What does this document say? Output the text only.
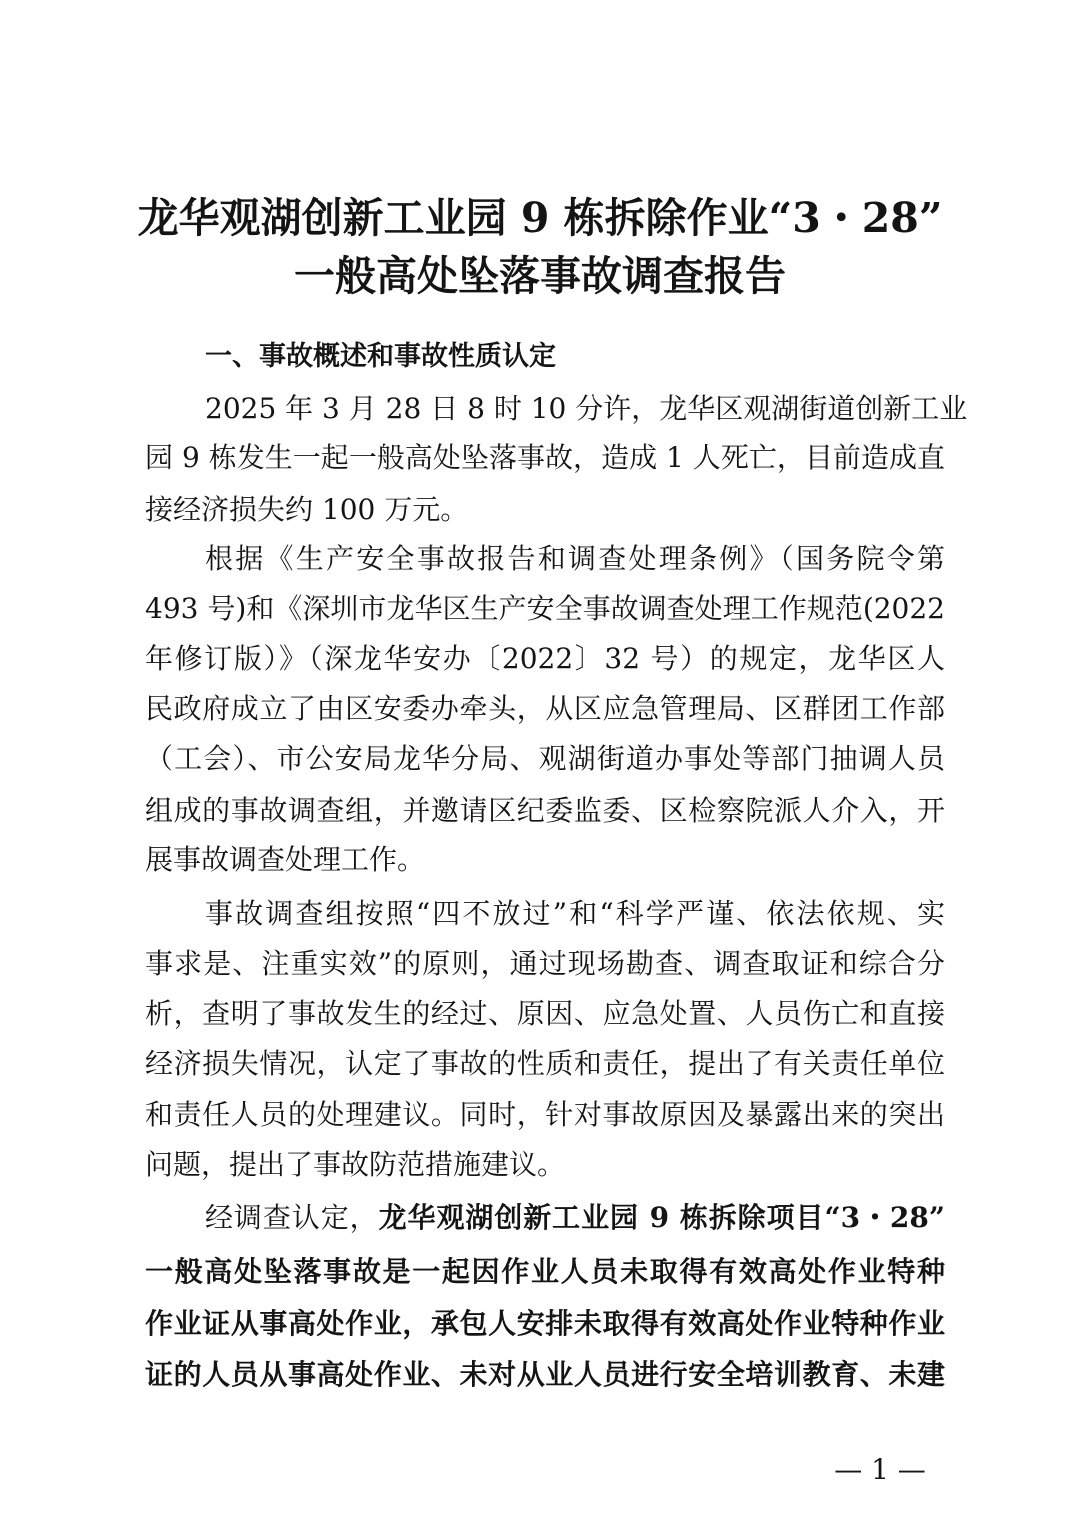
龙华观湖创新工业园 9 栋拆除作业“3・28”
一般高处坠落事故调查报告
一、事故概述和事故性质认定

2025 年 3 月 28 日 8 时 10 分许，龙华区观湖街道创新工业

园 9 栋发生一起一般高处坠落事故，造成 1 人死亡，目前造成直

接经济损失约 100 万元。

根据《生产安全事故报告和调查处理条例》（国务院令第

493 号)和《深圳市龙华区生产安全事故调查处理工作规范(2022

年修订版）》（深龙华安办〔2022〕32 号）的规定，龙华区人

民政府成立了由区安委办牵头，从区应急管理局、区群团工作部

（工会）、市公安局龙华分局、观湖街道办事处等部门抽调人员

组成的事故调查组，并邀请区纪委监委、区检察院派人介入，开

展事故调查处理工作。

事故调查组按照“四不放过”和“科学严谨、依法依规、实

事求是、注重实效”的原则，通过现场勘查、调查取证和综合分

析，查明了事故发生的经过、原因、应急处置、人员伤亡和直接

经济损失情况，认定了事故的性质和责任，提出了有关责任单位

和责任人员的处理建议。同时，针对事故原因及暴露出来的突出

问题，提出了事故防范措施建议。

经调查认定，龙华观湖创新工业园 9 栋拆除项目“3・28”

一般高处坠落事故是一起因作业人员未取得有效高处作业特种

作业证从事高处作业，承包人安排未取得有效高处作业特种作业

证的人员从事高处作业、未对从业人员进行安全培训教育、未建

— 1 —
